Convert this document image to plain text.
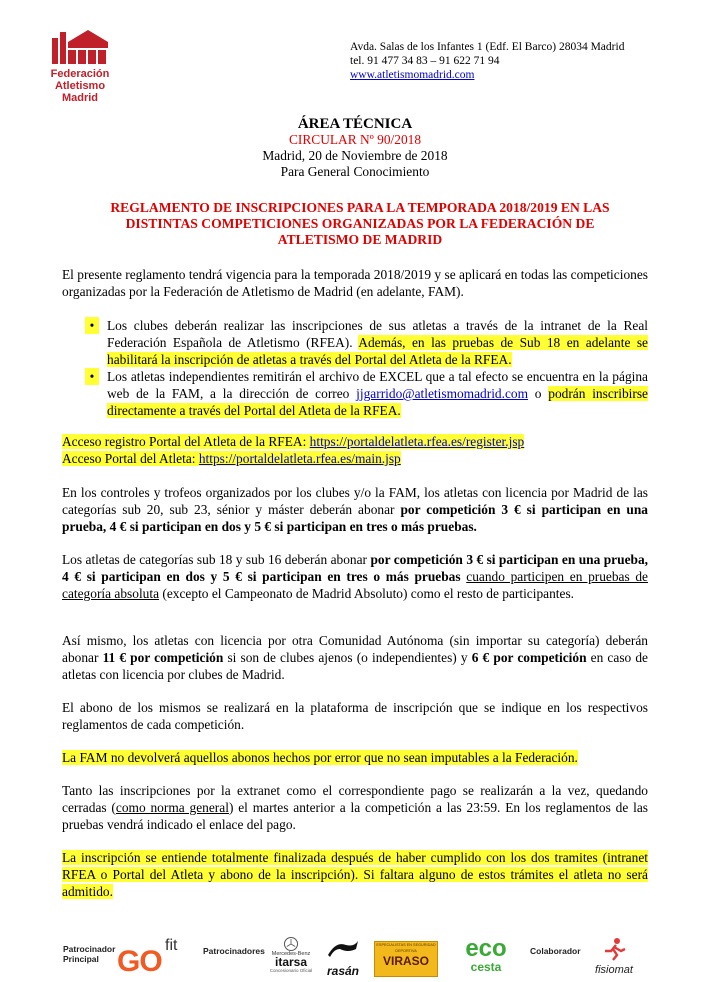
Federación Atletismo
Madrid
Avda. Salas de los Infantes 1 (Edf. El Barco) 28034 Madrid
tel. 91 477 34 83 – 91 622 71 94
www.atletismomadrid.com
ÁREA TÉCNICA
CIRCULAR Nº 90/2018
Madrid, 20 de Noviembre de 2018
Para General Conocimiento
REGLAMENTO DE INSCRIPCIONES PARA LA TEMPORADA 2018/2019 EN LAS
DISTINTAS COMPETICIONES ORGANIZADAS POR LA FEDERACIÓN DE
ATLETISMO DE MADRID

El presente reglamento tendrá vigencia para la temporada 2018/2019 y se aplicará en todas las competiciones organizadas por la Federación de Atletismo de Madrid (en adelante, FAM).

• Los clubes deberán realizar las inscripciones de sus atletas a través de la intranet de la Real Federación Española de Atletismo (RFEA). Además, en las pruebas de Sub 18 en adelante se habilitará la inscripción de atletas a través del Portal del Atleta de la RFEA.
• Los atletas independientes remitirán el archivo de EXCEL que a tal efecto se encuentra en la página web de la FAM, a la dirección de correo jjgarrido@atletismomadrid.com o podrán inscribirse directamente a través del Portal del Atleta de la RFEA.
Acceso registro Portal del Atleta de la RFEA: https://portaldelatleta.rfea.es/register.jsp
Acceso Portal del Atleta: https://portaldelatleta.rfea.es/main.jsp

En los controles y trofeos organizados por los clubes y/o la FAM, los atletas con licencia por Madrid de las categorías sub 20, sub 23, sénior y máster deberán abonar por competición 3 € si participan en una prueba, 4 € si participan en dos y 5 € si participan en tres o más pruebas.

Los atletas de categorías sub 18 y sub 16 deberán abonar por competición 3 € si participan en una prueba, 4 € si participan en dos y 5 € si participan en tres o más pruebas cuando participen en pruebas de categoría absoluta (excepto el Campeonato de Madrid Absoluto) como el resto de participantes.

Así mismo, los atletas con licencia por otra Comunidad Autónoma (sin importar su categoría) deberán abonar 11 € por competición si son de clubes ajenos (o independientes) y 6 € por competición en caso de atletas con licencia por clubes de Madrid.

El abono de los mismos se realizará en la plataforma de inscripción que se indique en los respectivos reglamentos de cada competición.

La FAM no devolverá aquellos abonos hechos por error que no sean imputables a la Federación.

Tanto las inscripciones por la extranet como el correspondiente pago se realizarán a la vez, quedando cerradas (como norma general) el martes anterior a la competición a las 23:59. En los reglamentos de las pruebas vendrá indicado el enlace del pago.

La inscripción se entiende totalmente finalizada después de haber cumplido con los dos tramites (intranet RFEA o Portal del Atleta y abono de la inscripción). Si faltara alguno de estos trámites el atleta no será admitido.

Patrocinador
Principal GO fit	Patrocinadores	Mercedes-Benz
itarsa
Concesionario Oficial	rasán
ESPECIALISTAS EN SEGURIDAD DEPORTIVA
VIRASO	eco
cesta
Colaborador
fisiomat
